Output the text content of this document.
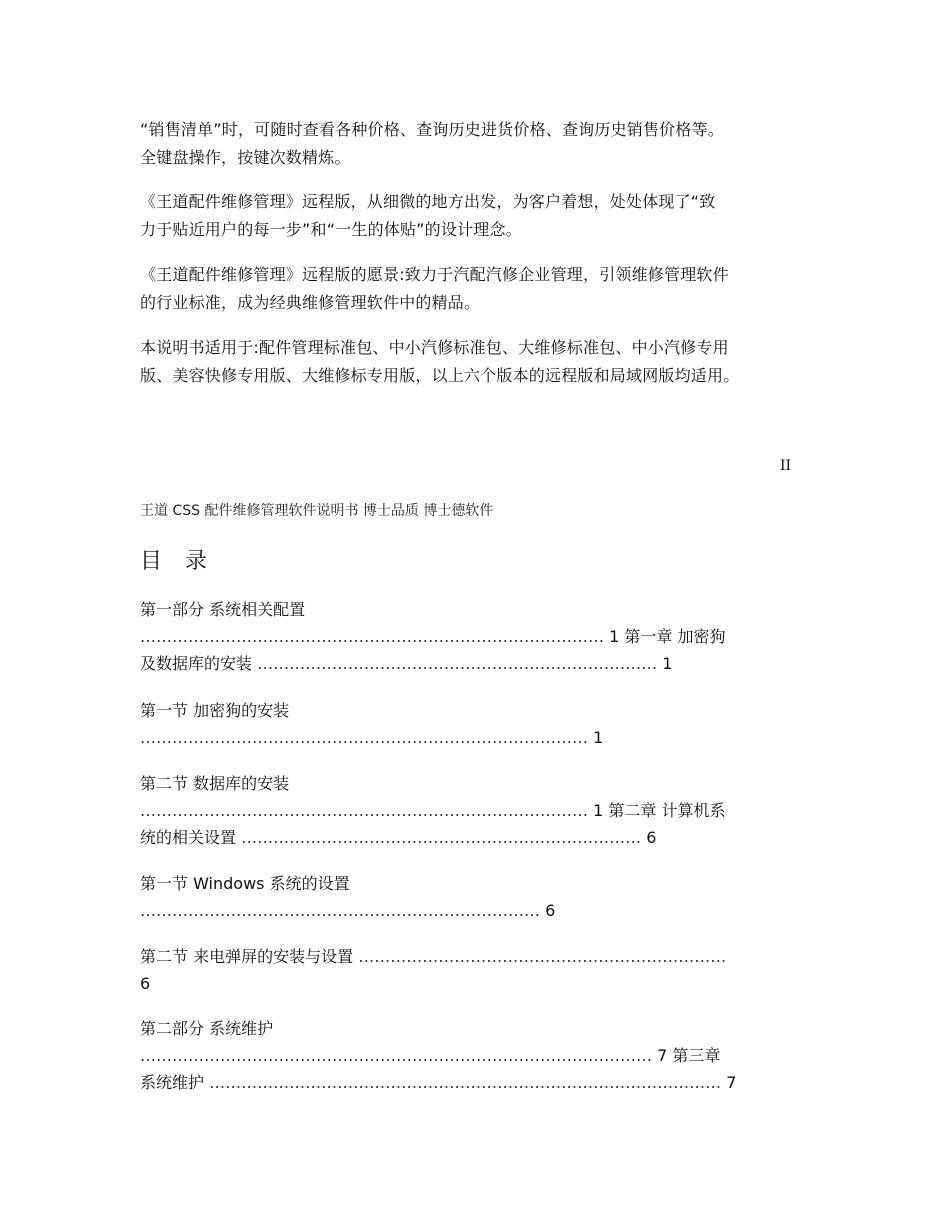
“销售清单”时，可随时查看各种价格、查询历史进货价格、查询历史销售价格等。

全键盘操作，按键次数精炼。

《王道配件维修管理》远程版，从细微的地方出发，为客户着想，处处体现了“致

力于贴近用户的每一步”和“一生的体贴”的设计理念。

《王道配件维修管理》远程版的愿景:致力于汽配汽修企业管理，引领维修管理软件

的行业标准，成为经典维修管理软件中的精品。

本说明书适用于:配件管理标准包、中小汽修标准包、大维修标准包、中小汽修专用

版、美容快修专用版、大维修标专用版，以上六个版本的远程版和局域网版均适用。

II
王道 CSS 配件维修管理软件说明书 博士品质 博士德软件
目 录
第一部分 系统相关配置
…………………………………………………………………………… 1 第一章 加密狗
及数据库的安装 ………………………………………………………………… 1
第一节 加密狗的安装
………………………………………………………………………… 1
第二节 数据库的安装
………………………………………………………………………… 1 第二章 计算机系
统的相关设置 ………………………………………………………………… 6
第一节 Windows 系统的设置
………………………………………………………………… 6
第二节 来电弹屏的安装与设置 ……………………………………………………………
6
第二部分 系统维护
…………………………………………………………………………………… 7 第三章
系统维护 …………………………………………………………………………………… 7
